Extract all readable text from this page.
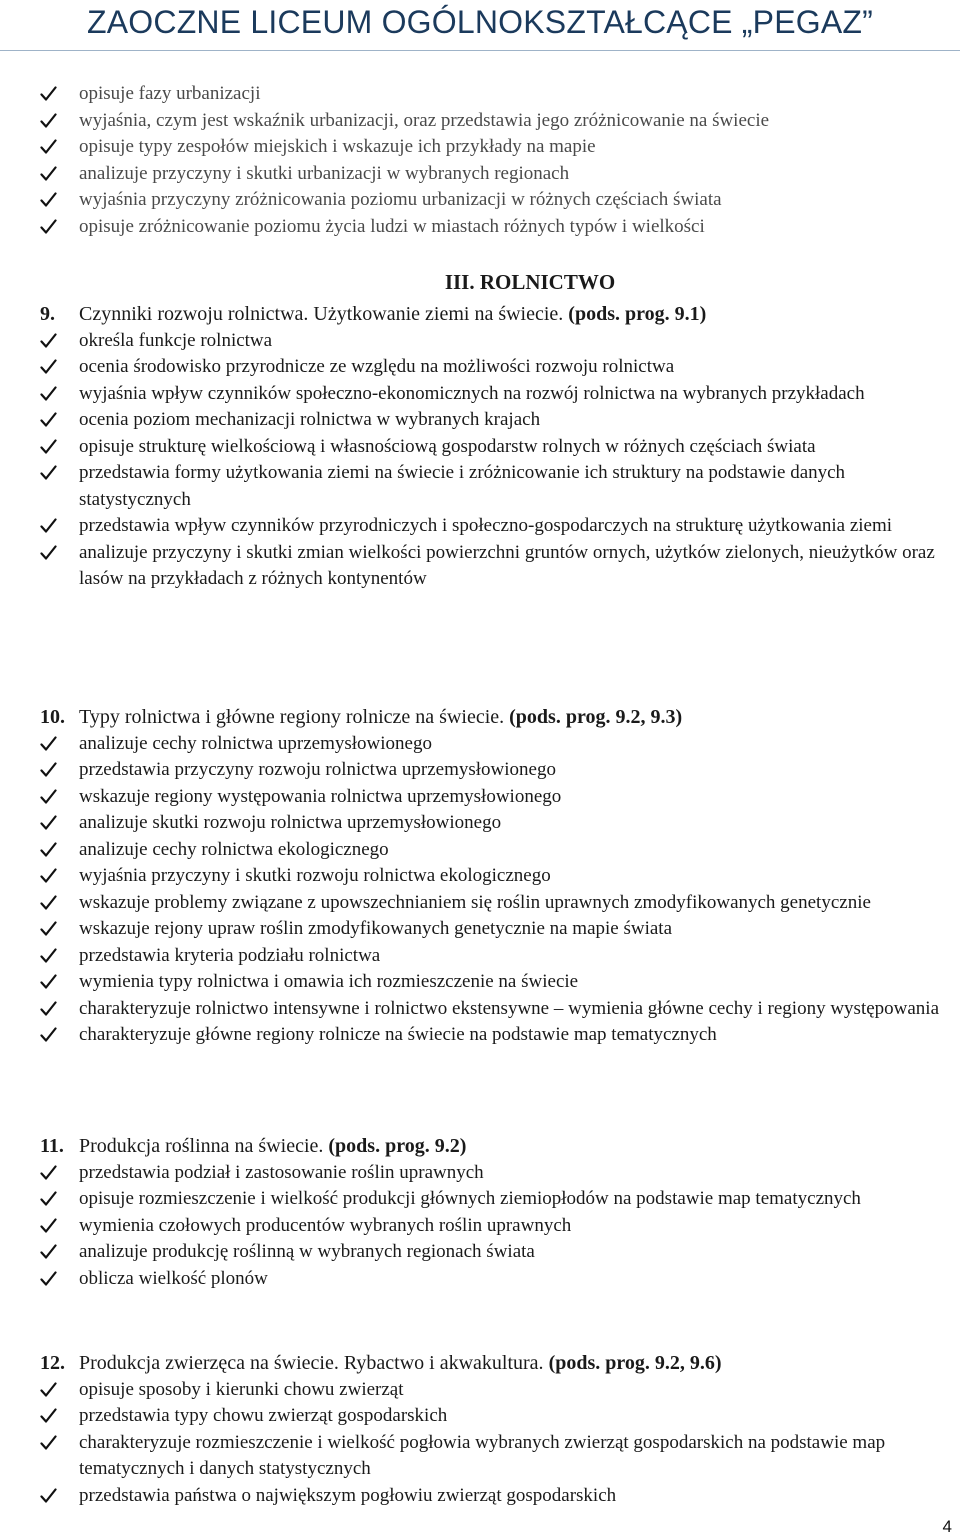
ZAOCZNE LICEUM OGÓLNOKSZTAŁCĄCE „PEGAZ”
opisuje fazy urbanizacji
wyjaśnia, czym jest wskaźnik urbanizacji, oraz przedstawia jego zróżnicowanie na świecie
opisuje typy zespołów miejskich i wskazuje ich przykłady na mapie
analizuje przyczyny i skutki urbanizacji w wybranych regionach
wyjaśnia przyczyny zróżnicowania poziomu urbanizacji w różnych częściach świata
opisuje zróżnicowanie poziomu życia ludzi w miastach różnych typów i wielkości
III. ROLNICTWO
9. Czynniki rozwoju rolnictwa. Użytkowanie ziemi na świecie. (pods. prog. 9.1)
określa funkcje rolnictwa
ocenia środowisko przyrodnicze ze względu na możliwości rozwoju rolnictwa
wyjaśnia wpływ czynników społeczno-ekonomicznych na rozwój rolnictwa na wybranych przykładach
ocenia poziom mechanizacji rolnictwa w wybranych krajach
opisuje strukturę wielkościową i własnościową gospodarstw rolnych w różnych częściach świata
przedstawia formy użytkowania ziemi na świecie i zróżnicowanie ich struktury na podstawie danych statystycznych
przedstawia wpływ czynników przyrodniczych i społeczno-gospodarczych na strukturę użytkowania ziemi
analizuje przyczyny i skutki zmian wielkości powierzchni gruntów ornych, użytków zielonych, nieużytków oraz lasów na przykładach z różnych kontynentów
10. Typy rolnictwa i główne regiony rolnicze na świecie. (pods. prog. 9.2, 9.3)
analizuje cechy rolnictwa uprzemysłowionego
przedstawia przyczyny rozwoju rolnictwa uprzemysłowionego
wskazuje regiony występowania rolnictwa uprzemysłowionego
analizuje skutki rozwoju rolnictwa uprzemysłowionego
analizuje cechy rolnictwa ekologicznego
wyjaśnia przyczyny i skutki rozwoju rolnictwa ekologicznego
wskazuje problemy związane z upowszechnianiem się roślin uprawnych zmodyfikowanych genetycznie
wskazuje rejony upraw roślin zmodyfikowanych genetycznie na mapie świata
przedstawia kryteria podziału rolnictwa
wymienia typy rolnictwa i omawia ich rozmieszczenie na świecie
charakteryzuje rolnictwo intensywne i rolnictwo ekstensywne – wymienia główne cechy i regiony występowania
charakteryzuje główne regiony rolnicze na świecie na podstawie map tematycznych
11. Produkcja roślinna na świecie. (pods. prog. 9.2)
przedstawia podział i zastosowanie roślin uprawnych
opisuje rozmieszczenie i wielkość produkcji głównych ziemiopłodów na podstawie map tematycznych
wymienia czołowych producentów wybranych roślin uprawnych
analizuje produkcję roślinną w wybranych regionach świata
oblicza wielkość plonów
12. Produkcja zwierzęca na świecie. Rybactwo i akwakultura. (pods. prog. 9.2, 9.6)
opisuje sposoby i kierunki chowu zwierząt
przedstawia typy chowu zwierząt gospodarskich
charakteryzuje rozmieszczenie i wielkość pogłowia wybranych zwierząt gospodarskich na podstawie map tematycznych i danych statystycznych
przedstawia państwa o największym pogłowiu zwierząt gospodarskich
4
